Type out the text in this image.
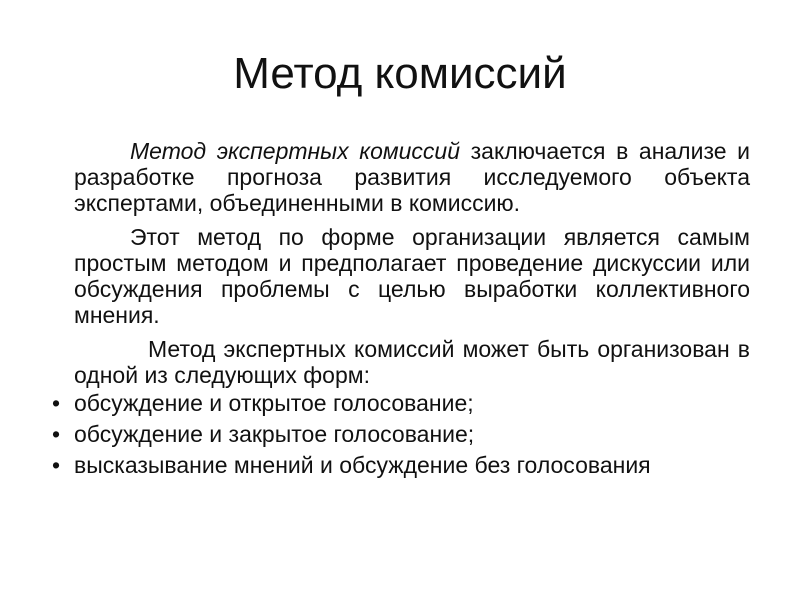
Метод комиссий

Метод экспертных комиссий заключается в анализе и разработке прогноза развития исследуемого объекта экспертами, объединенными в комиссию.

Этот метод по форме организации является самым простым методом и предполагает проведение дискуссии или обсуждения проблемы с целью выработки коллективного мнения.

Метод экспертных комиссий может быть организован в одной из следующих форм:

• обсуждение и открытое голосование;
• обсуждение и закрытое голосование;
• высказывание мнений и обсуждение без голосования
